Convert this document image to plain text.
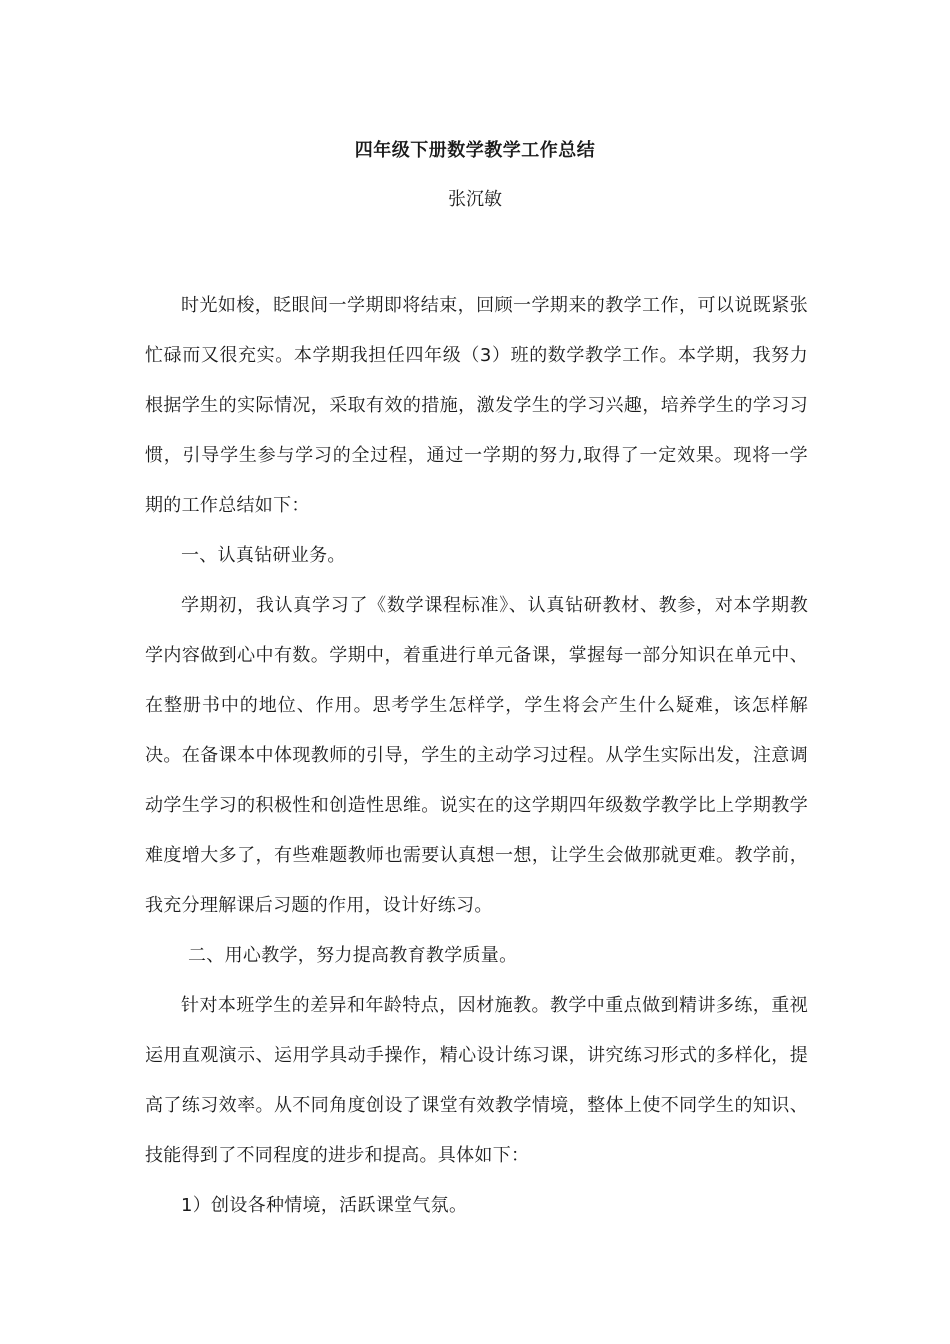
四年级下册数学教学工作总结
张沉敏

时光如梭，眨眼间一学期即将结束，回顾一学期来的教学工作，可以说既紧张忙碌而又很充实。本学期我担任四年级（3）班的数学教学工作。本学期，我努力根据学生的实际情况，采取有效的措施，激发学生的学习兴趣，培养学生的学习习惯，引导学生参与学习的全过程，通过一学期的努力,取得了一定效果。现将一学期的工作总结如下：

一、认真钻研业务。

学期初，我认真学习了《数学课程标准》、认真钻研教材、教参，对本学期教学内容做到心中有数。学期中，着重进行单元备课，掌握每一部分知识在单元中、在整册书中的地位、作用。思考学生怎样学，学生将会产生什么疑难，该怎样解决。在备课本中体现教师的引导，学生的主动学习过程。从学生实际出发，注意调动学生学习的积极性和创造性思维。说实在的这学期四年级数学教学比上学期教学难度增大多了，有些难题教师也需要认真想一想，让学生会做那就更难。教学前，我充分理解课后习题的作用，设计好练习。

二、用心教学，努力提高教育教学质量。

针对本班学生的差异和年龄特点，因材施教。教学中重点做到精讲多练，重视运用直观演示、运用学具动手操作，精心设计练习课，讲究练习形式的多样化，提高了练习效率。从不同角度创设了课堂有效教学情境，整体上使不同学生的知识、技能得到了不同程度的进步和提高。具体如下：

1）创设各种情境，活跃课堂气氛。
